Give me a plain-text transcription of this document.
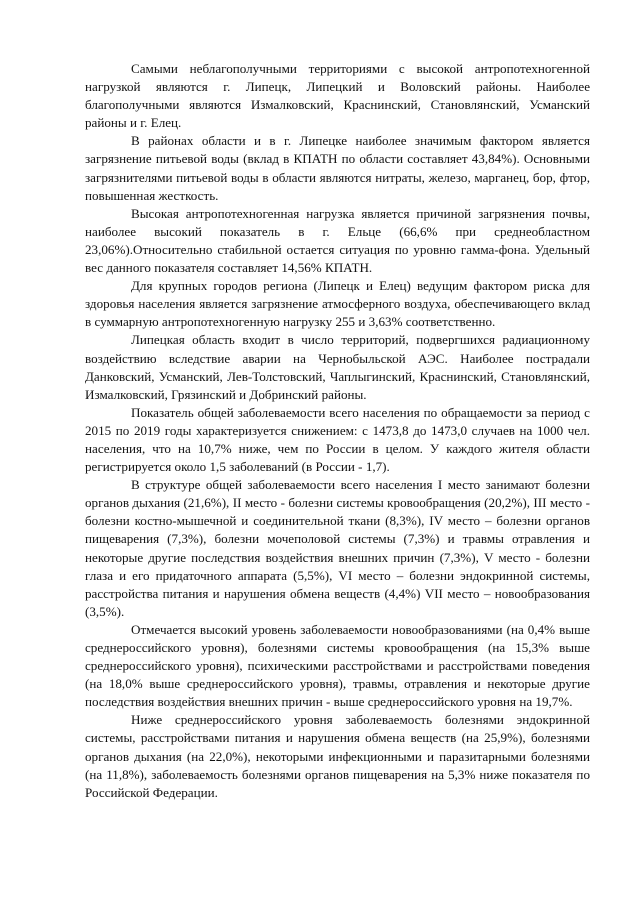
Самыми неблагополучными территориями с высокой антропотехногенной нагрузкой являются г. Липецк, Липецкий и Воловский районы. Наиболее благополучными являются Измалковский, Краснинский, Становлянский, Усманский районы и г. Елец.

В районах области и в г. Липецке наиболее значимым фактором является загрязнение питьевой воды (вклад в КПАТН по области составляет 43,84%). Основными загрязнителями питьевой воды в области являются нитраты, железо, марганец, бор, фтор, повышенная жесткость.

Высокая антропотехногенная нагрузка является причиной загрязнения почвы, наиболее высокий показатель в г. Ельце (66,6% при среднеобластном 23,06%).Относительно стабильной остается ситуация по уровню гамма-фона. Удельный вес данного показателя составляет 14,56% КПАТН.

Для крупных городов региона (Липецк и Елец) ведущим фактором риска для здоровья населения является загрязнение атмосферного воздуха, обеспечивающего вклад в суммарную антропотехногенную нагрузку 255 и 3,63% соответственно.

Липецкая область входит в число территорий, подвергшихся радиационному воздействию вследствие аварии на Чернобыльской АЭС. Наиболее пострадали Данковский, Усманский, Лев-Толстовский, Чаплыгинский, Краснинский, Становлянский, Измалковский, Грязинский и Добринский районы.

Показатель общей заболеваемости всего населения по обращаемости за период с 2015 по 2019 годы характеризуется снижением: с 1473,8 до 1473,0 случаев на 1000 чел. населения, что на 10,7% ниже, чем по России в целом. У каждого жителя области регистрируется около 1,5 заболеваний (в России - 1,7).

В структуре общей заболеваемости всего населения I место занимают болезни органов дыхания (21,6%), II место - болезни системы кровообращения (20,2%), III место - болезни костно-мышечной и соединительной ткани (8,3%), IV место – болезни органов пищеварения (7,3%), болезни мочеполовой системы (7,3%) и травмы отравления и некоторые другие последствия воздействия внешних причин (7,3%), V место - болезни глаза и его придаточного аппарата (5,5%), VI место – болезни эндокринной системы, расстройства питания и нарушения обмена веществ (4,4%) VII место – новообразования (3,5%).

Отмечается высокий уровень заболеваемости новообразованиями (на 0,4% выше среднероссийского уровня), болезнями системы кровообращения (на 15,3% выше среднероссийского уровня), психическими расстройствами и расстройствами поведения (на 18,0% выше среднероссийского уровня), травмы, отравления и некоторые другие последствия воздействия внешних причин - выше среднероссийского уровня на 19,7%.

Ниже среднероссийского уровня заболеваемость болезнями эндокринной системы, расстройствами питания и нарушения обмена веществ (на 25,9%), болезнями органов дыхания (на 22,0%), некоторыми инфекционными и паразитарными болезнями (на 11,8%), заболеваемость болезнями органов пищеварения на 5,3% ниже показателя по Российской Федерации.
